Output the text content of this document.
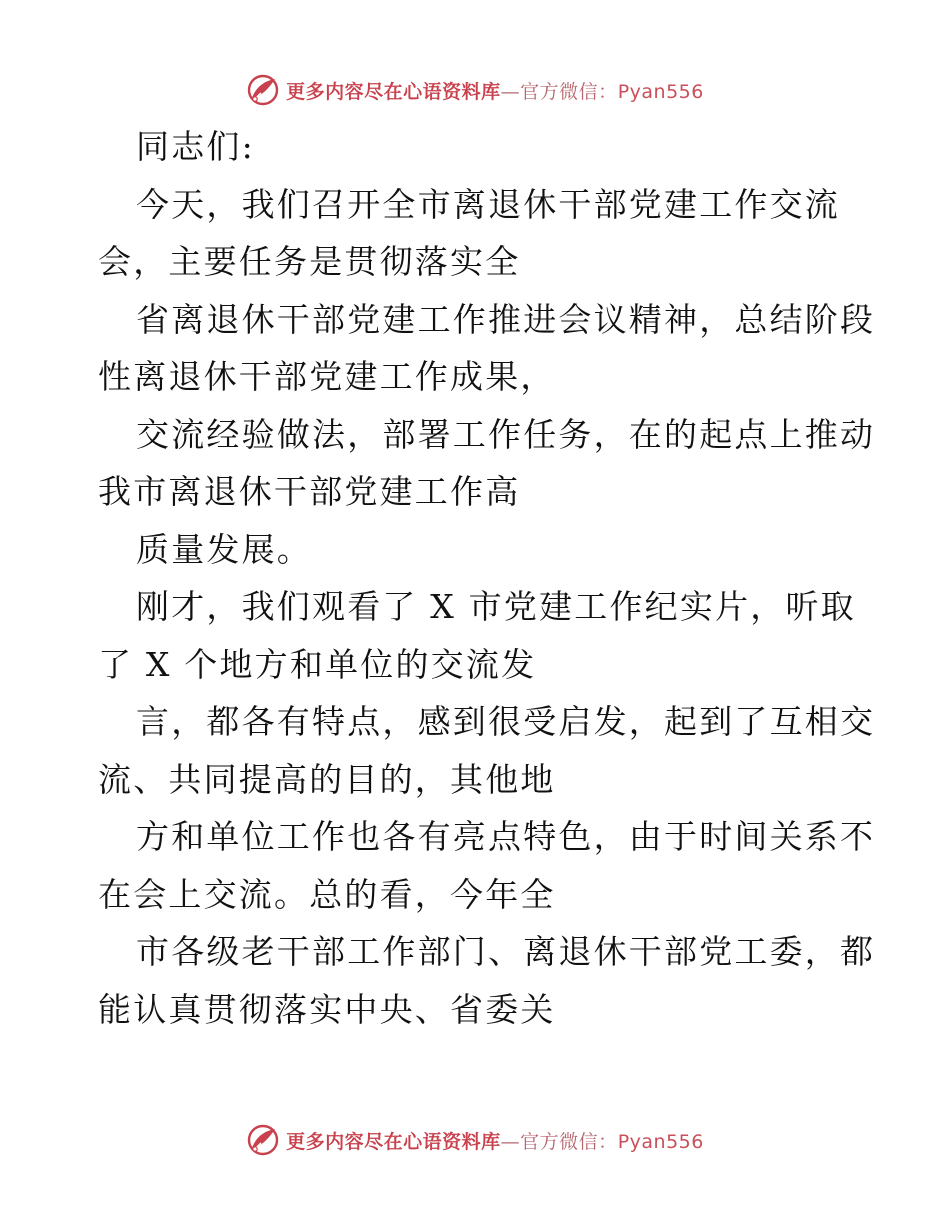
更多内容尽在心语资料库—官方微信：Pyan556
同志们:
今天，我们召开全市离退休干部党建工作交流
会，主要任务是贯彻落实全
省离退休干部党建工作推进会议精神，总结阶段
性离退休干部党建工作成果，
交流经验做法，部署工作任务，在的起点上推动
我市离退休干部党建工作高
质量发展。
刚才，我们观看了 X 市党建工作纪实片，听取
了 X 个地方和单位的交流发
言，都各有特点，感到很受启发，起到了互相交
流、共同提高的目的，其他地
方和单位工作也各有亮点特色，由于时间关系不
在会上交流。总的看，今年全
市各级老干部工作部门、离退休干部党工委，都
能认真贯彻落实中央、省委关
更多内容尽在心语资料库—官方微信：Pyan556
